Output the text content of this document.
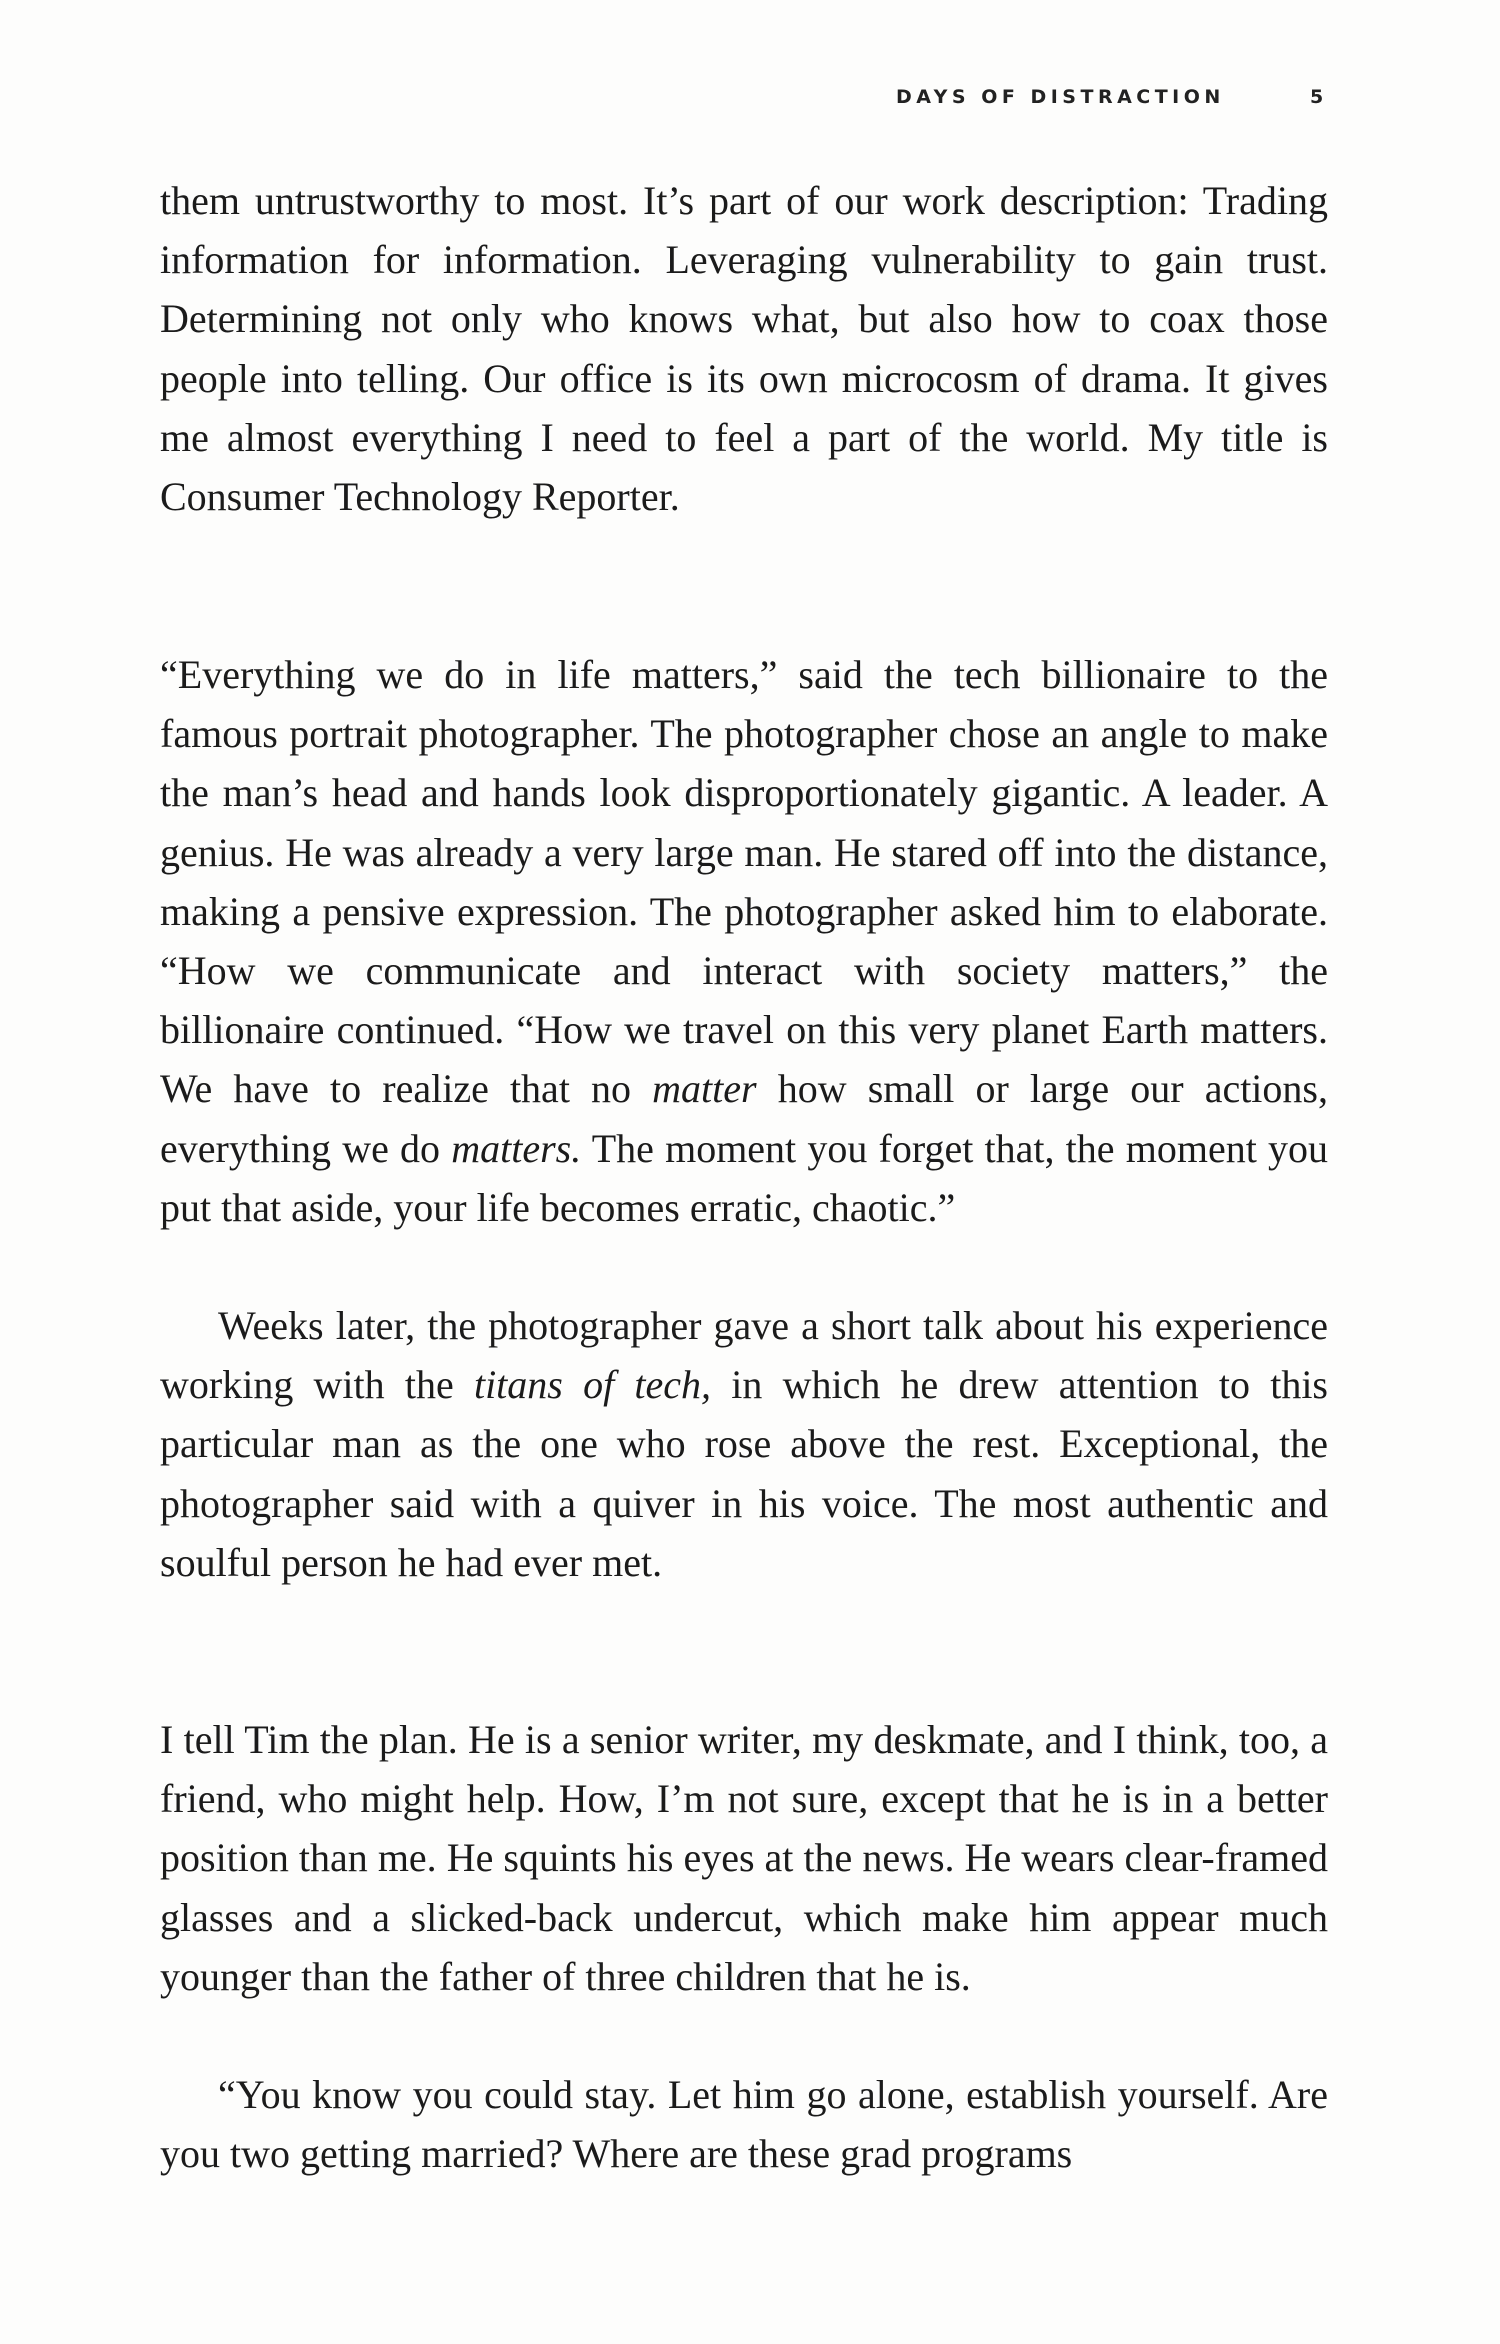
DAYS OF DISTRACTION	5

them untrustworthy to most. It’s part of our work description: Trading information for information. Leveraging vulnerability to gain trust. Determining not only who knows what, but also how to coax those people into telling. Our office is its own microcosm of drama. It gives me almost everything I need to feel a part of the world. My title is Consumer Technology Reporter.

“Everything we do in life matters,” said the tech billionaire to the famous portrait photographer. The photographer chose an angle to make the man’s head and hands look disproportionately gigantic. A leader. A genius. He was already a very large man. He stared off into the distance, making a pensive expression. The photographer asked him to elaborate. “How we communicate and interact with society matters,” the billionaire continued. “How we travel on this very planet Earth matters. We have to realize that no matter how small or large our actions, everything we do matters. The moment you forget that, the moment you put that aside, your life becomes erratic, chaotic.”

Weeks later, the photographer gave a short talk about his experience working with the titans of tech, in which he drew attention to this particular man as the one who rose above the rest. Exceptional, the photographer said with a quiver in his voice. The most authentic and soulful person he had ever met.

I tell Tim the plan. He is a senior writer, my deskmate, and I think, too, a friend, who might help. How, I’m not sure, except that he is in a better position than me. He squints his eyes at the news. He wears clear-framed glasses and a slicked-back undercut, which make him appear much younger than the father of three children that he is.

“You know you could stay. Let him go alone, establish yourself. Are you two getting married? Where are these grad programs
